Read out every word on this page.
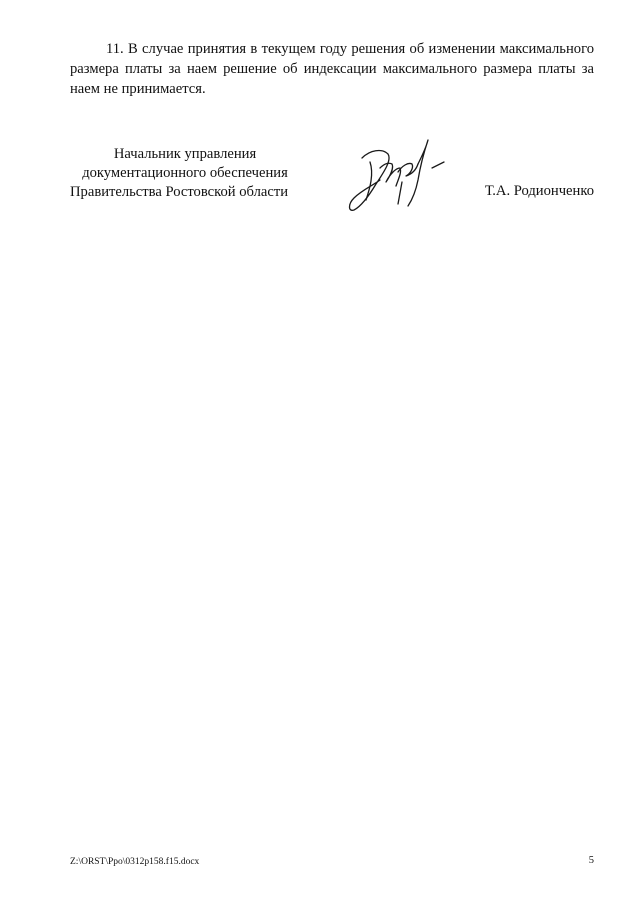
11. В случае принятия в текущем году решения об изменении максимального размера платы за наем решение об индексации максимального размера платы за наем не принимается.

Начальник управления
документационного обеспечения
Правительства Ростовской области	Т.А. Родионченко
Z:\ORST\Ppo\0312p158.f15.docx	5
